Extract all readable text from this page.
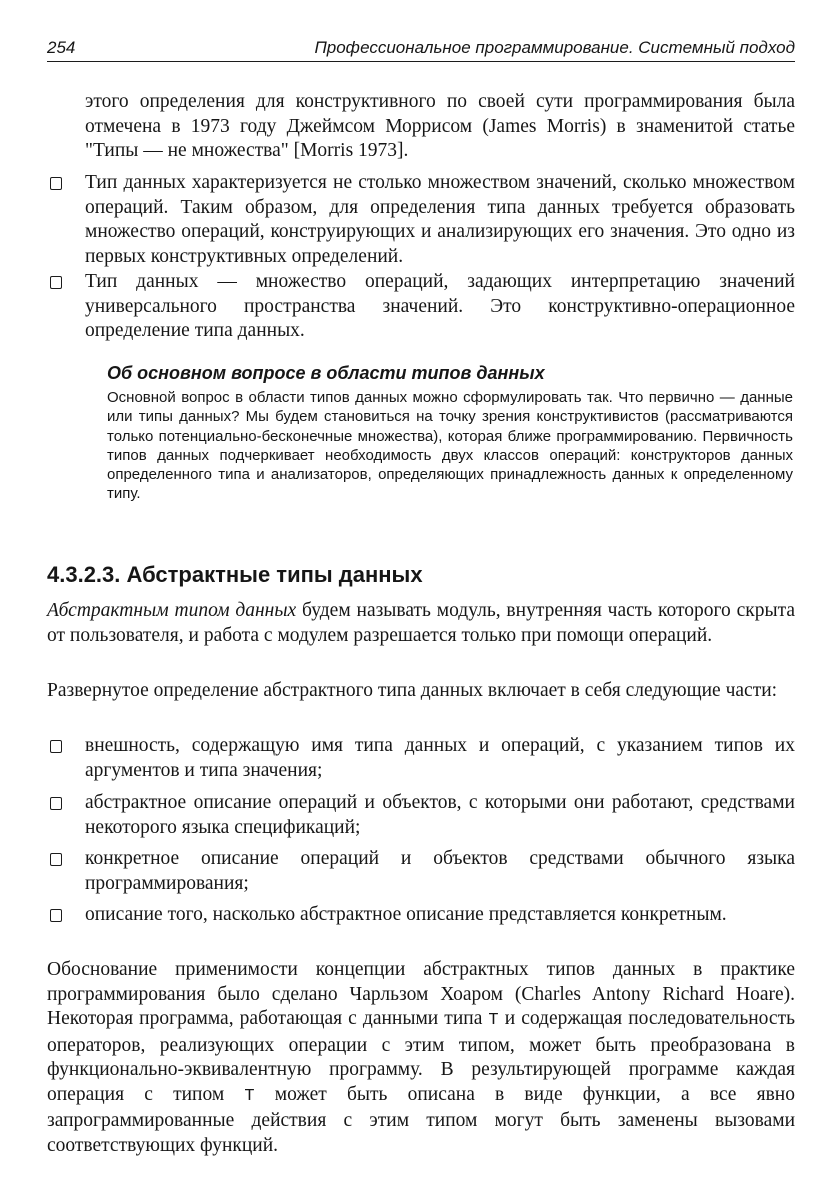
254	Профессиональное программирование. Системный подход
этого определения для конструктивного по своей сути программирования была отмечена в 1973 году Джеймсом Моррисом (James Morris) в знаменитой статье "Типы — не множества" [Morris 1973].
Тип данных характеризуется не столько множеством значений, сколько множеством операций. Таким образом, для определения типа данных требуется образовать множество операций, конструирующих и анализирующих его значения. Это одно из первых конструктивных определений.
Тип данных — множество операций, задающих интерпретацию значений универсального пространства значений. Это конструктивно-операционное определение типа данных.
Об основном вопросе в области типов данных
Основной вопрос в области типов данных можно сформулировать так. Что первично — данные или типы данных? Мы будем становиться на точку зрения конструктивистов (рассматриваются только потенциально-бесконечные множества), которая ближе программированию. Первичность типов данных подчеркивает необходимость двух классов операций: конструкторов данных определенного типа и анализаторов, определяющих принадлежность данных к определенному типу.
4.3.2.3. Абстрактные типы данных
Абстрактным типом данных будем называть модуль, внутренняя часть которого скрыта от пользователя, и работа с модулем разрешается только при помощи операций.
Развернутое определение абстрактного типа данных включает в себя следующие части:
внешность, содержащую имя типа данных и операций, с указанием типов их аргументов и типа значения;
абстрактное описание операций и объектов, с которыми они работают, средствами некоторого языка спецификаций;
конкретное описание операций и объектов средствами обычного языка программирования;
описание того, насколько абстрактное описание представляется конкретным.
Обоснование применимости концепции абстрактных типов данных в практике программирования было сделано Чарльзом Хоаром (Charles Antony Richard Hoare). Некоторая программа, работающая с данными типа T и содержащая последовательность операторов, реализующих операции с этим типом, может быть преобразована в функционально-эквивалентную программу. В результирующей программе каждая операция с типом T может быть описана в виде функции, а все явно запрограммированные действия с этим типом могут быть заменены вызовами соответствующих функций.
